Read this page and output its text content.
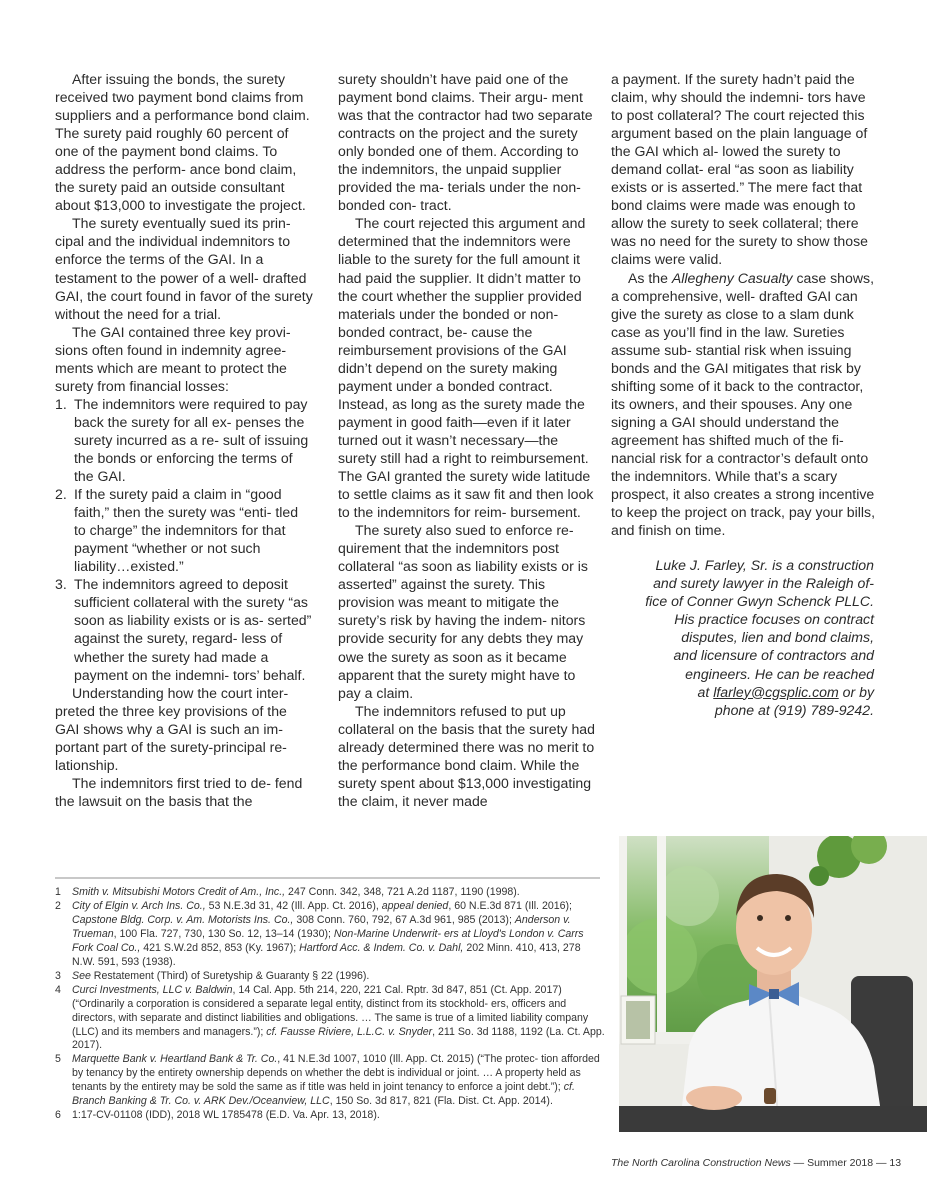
After issuing the bonds, the surety received two payment bond claims from suppliers and a performance bond claim. The surety paid roughly 60 percent of one of the payment bond claims. To address the perform- ance bond claim, the surety paid an outside consultant about $13,000 to investigate the project.

The surety eventually sued its prin- cipal and the individual indemnitors to enforce the terms of the GAI. In a testament to the power of a well- drafted GAI, the court found in favor of the surety without the need for a trial.

The GAI contained three key provi- sions often found in indemnity agree- ments which are meant to protect the surety from financial losses:

1. The indemnitors were required to pay back the surety for all ex- penses the surety incurred as a re- sult of issuing the bonds or enforcing the terms of the GAI.
2. If the surety paid a claim in “good faith,” then the surety was “enti- tled to charge” the indemnitors for that payment “whether or not such liability…existed.”
3. The indemnitors agreed to deposit sufficient collateral with the surety “as soon as liability exists or is as- serted” against the surety, regard- less of whether the surety had made a payment on the indemni- tors’ behalf.

Understanding how the court inter- preted the three key provisions of the GAI shows why a GAI is such an im- portant part of the surety-principal re- lationship.

The indemnitors first tried to de- fend the lawsuit on the basis that the

surety shouldn’t have paid one of the payment bond claims. Their argu- ment was that the contractor had two separate contracts on the project and the surety only bonded one of them. According to the indemnitors, the unpaid supplier provided the ma- terials under the non-bonded con- tract.

The court rejected this argument and determined that the indemnitors were liable to the surety for the full amount it had paid the supplier. It didn’t matter to the court whether the supplier provided materials under the bonded or non-bonded contract, be- cause the reimbursement provisions of the GAI didn’t depend on the surety making payment under a bonded contract. Instead, as long as the surety made the payment in good faith—even if it later turned out it wasn’t necessary—the surety still had a right to reimbursement. The GAI granted the surety wide latitude to settle claims as it saw fit and then look to the indemnitors for reim- bursement.

The surety also sued to enforce re- quirement that the indemnitors post collateral “as soon as liability exists or is asserted” against the surety. This provision was meant to mitigate the surety’s risk by having the indem- nitors provide security for any debts they may owe the surety as soon as it became apparent that the surety might have to pay a claim.

The indemnitors refused to put up collateral on the basis that the surety had already determined there was no merit to the performance bond claim. While the surety spent about $13,000 investigating the claim, it never made

a payment. If the surety hadn’t paid the claim, why should the indemni- tors have to post collateral? The court rejected this argument based on the plain language of the GAI which al- lowed the surety to demand collat- eral “as soon as liability exists or is asserted.” The mere fact that bond claims were made was enough to allow the surety to seek collateral; there was no need for the surety to show those claims were valid.

As the Allegheny Casualty case shows, a comprehensive, well- drafted GAI can give the surety as close to a slam dunk case as you’ll find in the law. Sureties assume sub- stantial risk when issuing bonds and the GAI mitigates that risk by shifting some of it back to the contractor, its owners, and their spouses. Any one signing a GAI should understand the agreement has shifted much of the fi- nancial risk for a contractor’s default onto the indemnitors. While that’s a scary prospect, it also creates a strong incentive to keep the project on track, pay your bills, and finish on time.

Luke J. Farley, Sr. is a construction
and surety lawyer in the Raleigh of-
fice of Conner Gwyn Schenck PLLC.
His practice focuses on contract
disputes, lien and bond claims,
and licensure of contractors and
engineers. He can be reached
at lfarley@cgsplic.com or by
phone at (919) 789-9242.
1 Smith v. Mitsubishi Motors Credit of Am., Inc., 247 Conn. 342, 348, 721 A.2d 1187, 1190 (1998).
2 City of Elgin v. Arch Ins. Co., 53 N.E.3d 31, 42 (Ill. App. Ct. 2016), appeal denied, 60 N.E.3d 871 (Ill. 2016); Capstone Bldg. Corp. v. Am. Motorists Ins. Co., 308 Conn. 760, 792, 67 A.3d 961, 985 (2013); Anderson v. Trueman, 100 Fla. 727, 730, 130 So. 12, 13–14 (1930); Non-Marine Underwrit- ers at Lloyd's London v. Carrs Fork Coal Co., 421 S.W.2d 852, 853 (Ky. 1967); Hartford Acc. & Indem. Co. v. Dahl, 202 Minn. 410, 413, 278 N.W. 591, 593 (1938).
3 See Restatement (Third) of Suretyship & Guaranty § 22 (1996).
4 Curci Investments, LLC v. Baldwin, 14 Cal. App. 5th 214, 220, 221 Cal. Rptr. 3d 847, 851 (Ct. App. 2017) (“Ordinarily a corporation is considered a separate legal entity, distinct from its stockhold- ers, officers and directors, with separate and distinct liabilities and obligations. … The same is true of a limited liability company (LLC) and its members and managers.”); cf. Fausse Riviere, L.L.C. v. Snyder, 211 So. 3d 1188, 1192 (La. Ct. App. 2017).
5 Marquette Bank v. Heartland Bank & Tr. Co., 41 N.E.3d 1007, 1010 (Ill. App. Ct. 2015) (“The protec- tion afforded by tenancy by the entirety ownership depends on whether the debt is individual or joint. … A property held as tenants by the entirety may be sold the same as if title was held in joint tenancy to enforce a joint debt.”); cf. Branch Banking & Tr. Co. v. ARK Dev./Oceanview, LLC, 150 So. 3d 817, 821 (Fla. Dist. Ct. App. 2014).
6 1:17-CV-01108 (IDD), 2018 WL 1785478 (E.D. Va. Apr. 13, 2018).
The North Carolina Construction News — Summer 2018 — 13
